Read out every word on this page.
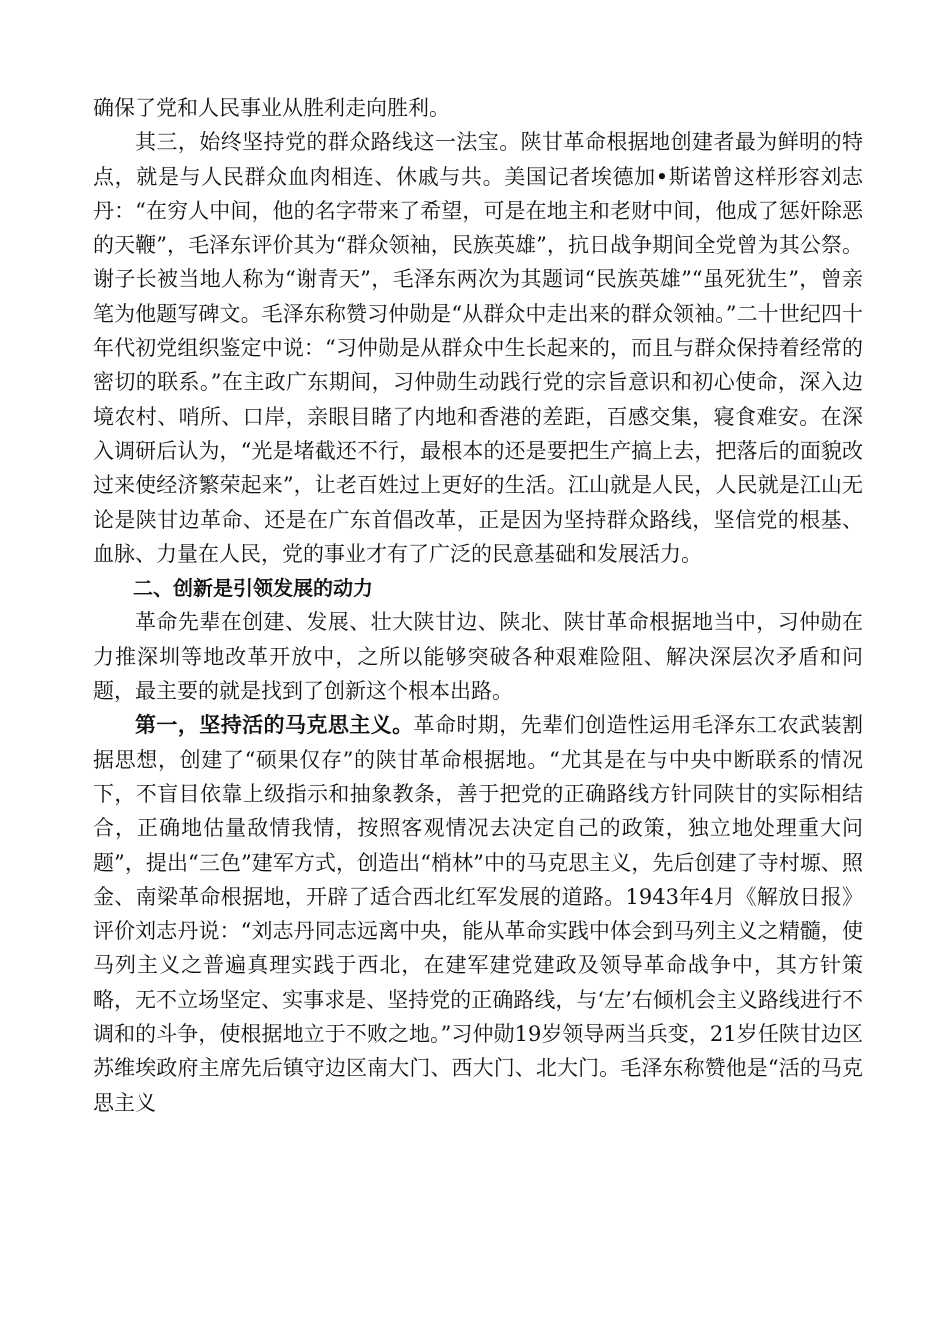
确保了党和人民事业从胜利走向胜利。

其三，始终坚持党的群众路线这一法宝。陕甘革命根据地创建者最为鲜明的特点，就是与人民群众血肉相连、休戚与共。美国记者埃德加•斯诺曾这样形容刘志丹：“在穷人中间，他的名字带来了希望，可是在地主和老财中间，他成了惩奸除恶的天鞭”，毛泽东评价其为“群众领袖，民族英雄”，抗日战争期间全党曾为其公祭。谢子长被当地人称为“谢青天”，毛泽东两次为其题词“民族英雄”“虽死犹生”，曾亲笔为他题写碑文。毛泽东称赞习仲勋是“从群众中走出来的群众领袖。”二十世纪四十年代初党组织鉴定中说：“习仲勋是从群众中生长起来的，而且与群众保持着经常的密切的联系。”在主政广东期间，习仲勋生动践行党的宗旨意识和初心使命，深入边境农村、哨所、口岸，亲眼目睹了内地和香港的差距，百感交集，寝食难安。在深入调研后认为，“光是堵截还不行，最根本的还是要把生产搞上去，把落后的面貌改过来使经济繁荣起来”，让老百姓过上更好的生活。江山就是人民，人民就是江山无论是陕甘边革命、还是在广东首倡改革，正是因为坚持群众路线，坚信党的根基、血脉、力量在人民，党的事业才有了广泛的民意基础和发展活力。

二、创新是引领发展的动力

革命先辈在创建、发展、壮大陕甘边、陕北、陕甘革命根据地当中，习仲勋在力推深圳等地改革开放中，之所以能够突破各种艰难险阻、解决深层次矛盾和问题，最主要的就是找到了创新这个根本出路。

第一，坚持活的马克思主义。革命时期，先辈们创造性运用毛泽东工农武装割据思想，创建了“硕果仅存”的陕甘革命根据地。“尤其是在与中央中断联系的情况下，不盲目依靠上级指示和抽象教条，善于把党的正确路线方针同陕甘的实际相结合，正确地估量敌情我情，按照客观情况去决定自己的政策，独立地处理重大问题”，提出“三色”建军方式，创造出“梢林”中的马克思主义，先后创建了寺村塬、照金、南梁革命根据地，开辟了适合西北红军发展的道路。1943年4月《解放日报》评价刘志丹说：“刘志丹同志远离中央，能从革命实践中体会到马列主义之精髓，使马列主义之普遍真理实践于西北，在建军建党建政及领导革命战争中，其方针策略，无不立场坚定、实事求是、坚持党的正确路线，与‘左’右倾机会主义路线进行不调和的斗争，使根据地立于不败之地。”习仲勋19岁领导两当兵变，21岁任陕甘边区苏维埃政府主席先后镇守边区南大门、西大门、北大门。毛泽东称赞他是“活的马克思主义
